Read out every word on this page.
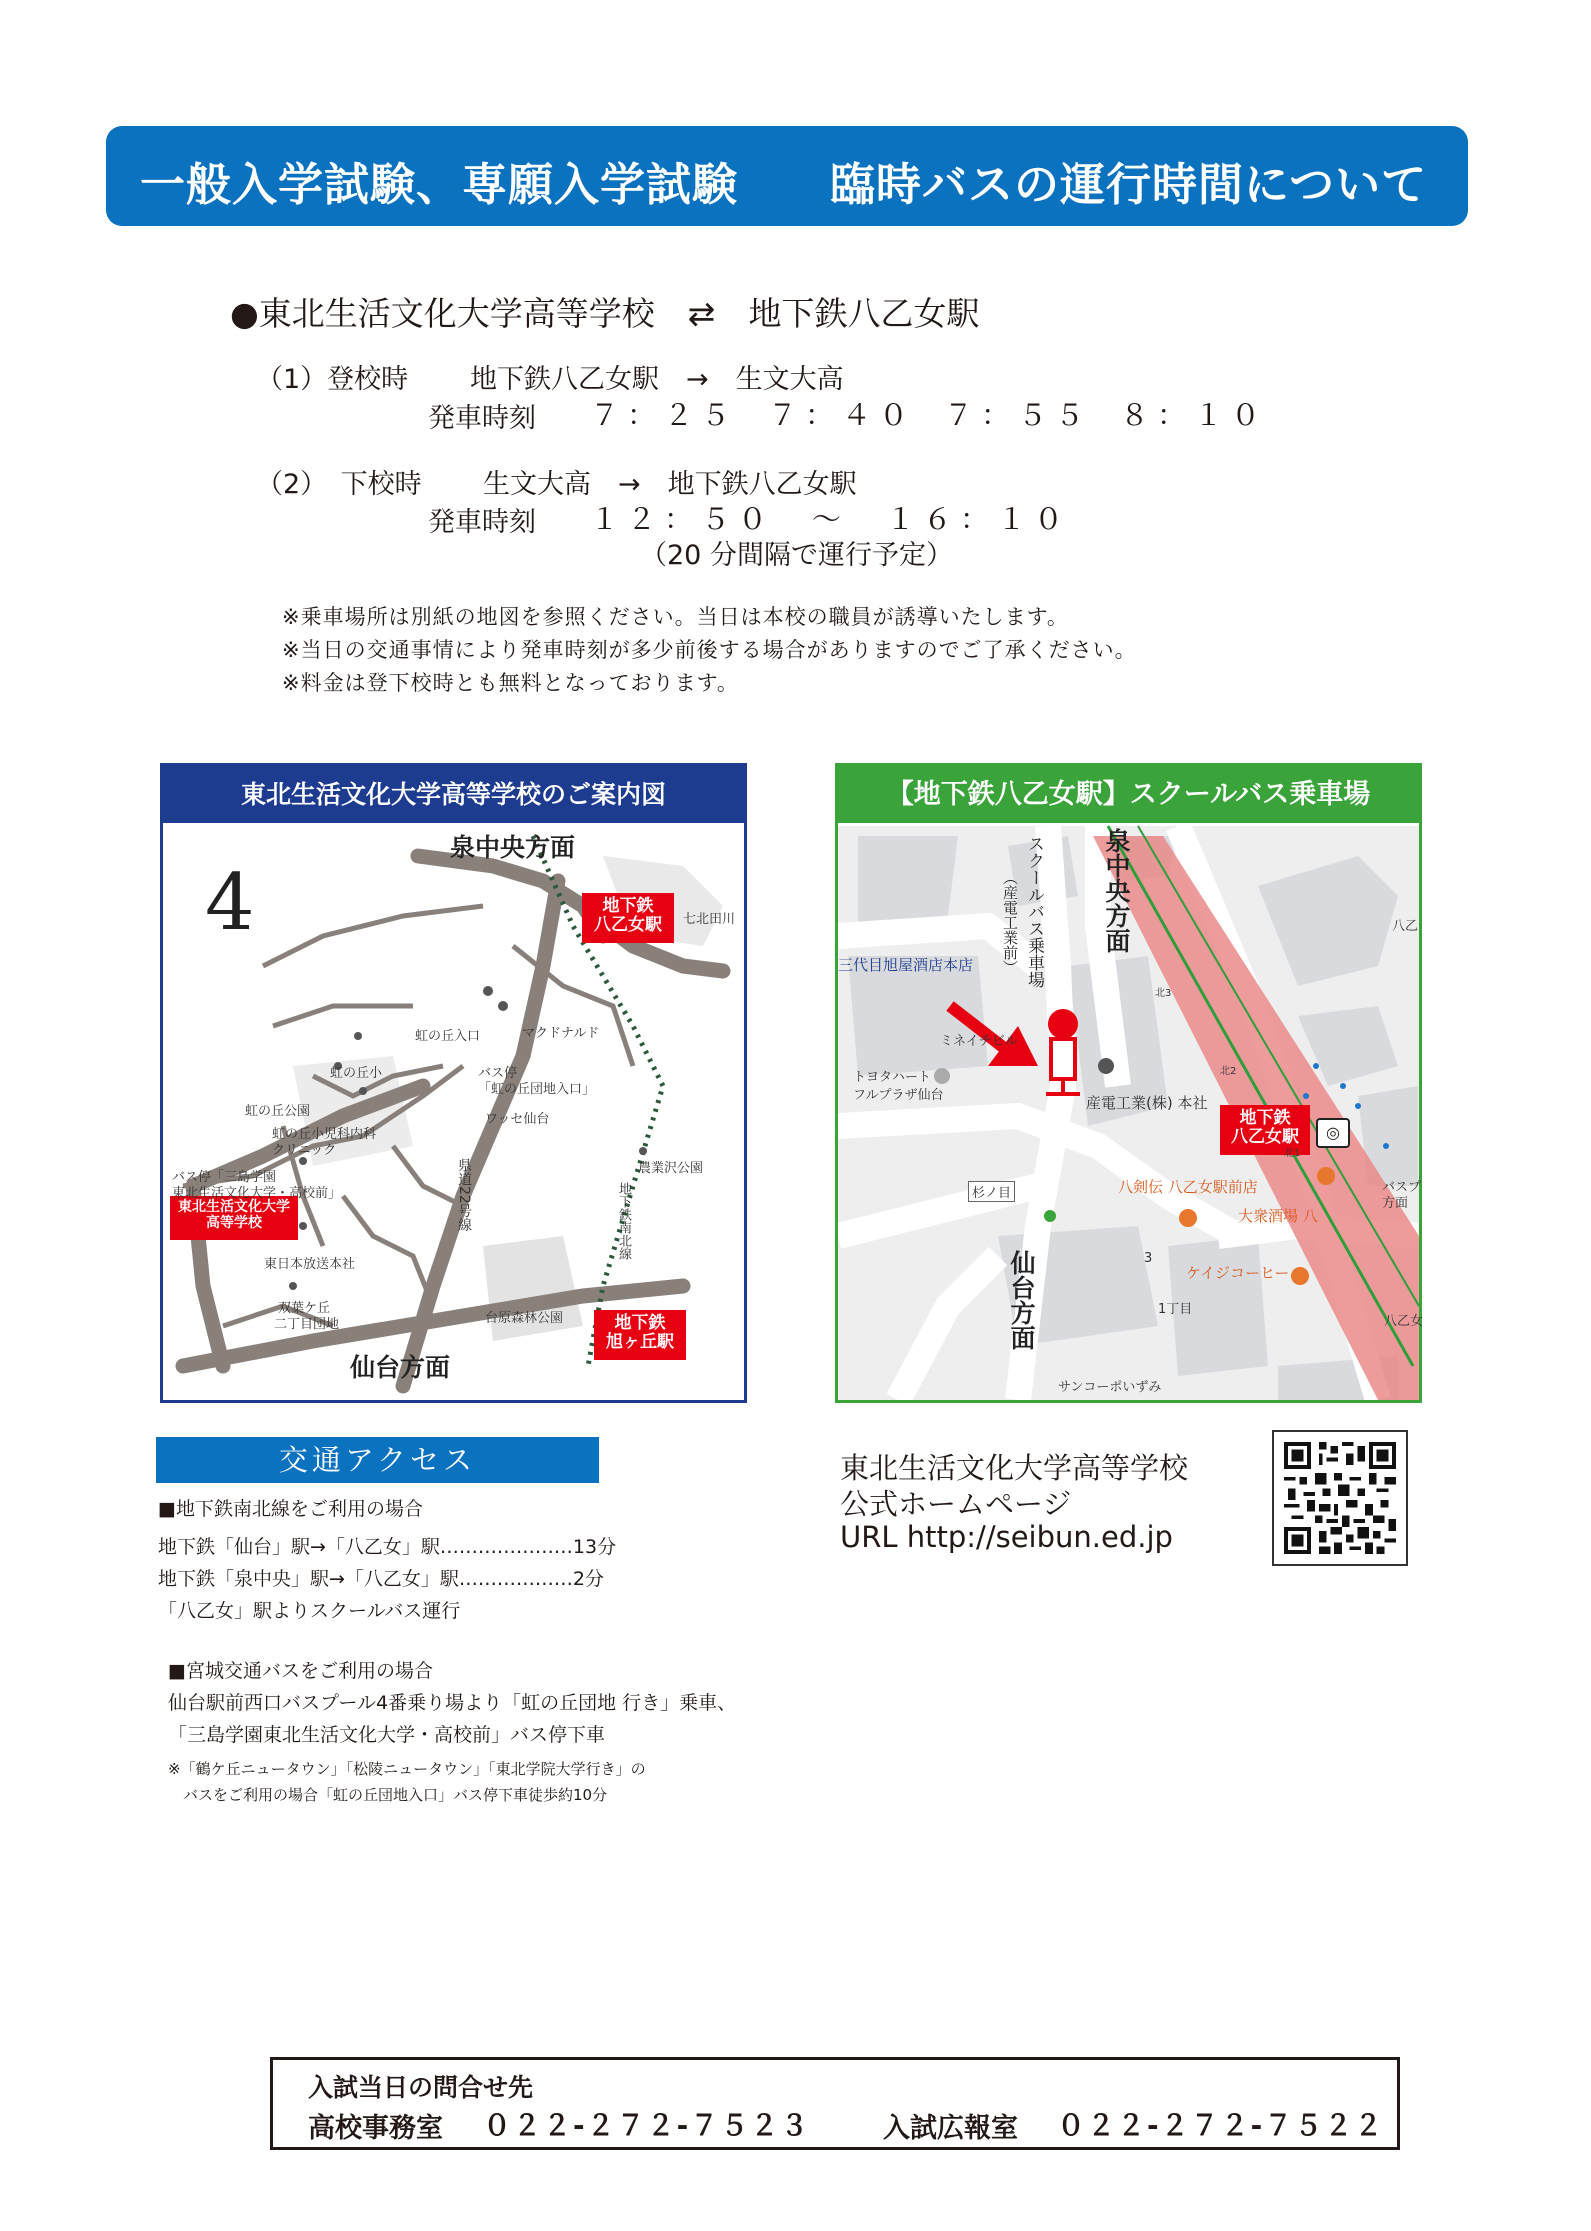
一般入学試験、専願入学試験　　臨時バスの運行時間について
●東北生活文化大学高等学校　⇄　地下鉄八乙女駅
（1）登校時 地下鉄八乙女駅　→　生文大高
発車時刻 ７：２５ ７：４０ ７：５５ ８：１０
（2）　下校時 生文大高　→　地下鉄八乙女駅
発車時刻 １２：５０　～　１６：１０
（20 分間隔で運行予定）
※乗車場所は別紙の地図を参照ください。当日は本校の職員が誘導いたします。
※当日の交通事情により発車時刻が多少前後する場合がありますのでご了承ください。
※料金は登下校時とも無料となっております。
東北生活文化大学高等学校のご案内図
4
泉中央方面
仙台方面
地下鉄
八乙女駅
地下鉄
旭ヶ丘駅
東北生活文化大学
高等学校
七北田川
虹の丘入口	マクドナルド
虹の丘小	バス停
「虹の丘団地入口」
虹の丘公園
ワッセ仙台
虹の丘小児科内科
クリニック
農業沢公園
バス停「三島学園
東北生活文化大学・高校前」	県道22号線	地下鉄南北線
東日本放送本社
双葉ケ丘
二丁目団地	台原森林公園
【地下鉄八乙女駅】スクールバス乗車場
泉中央方面
仙台方面
スクールバス乗車場
（産電工業前）
地下鉄
八乙女駅	◎
三代目旭屋酒店本店
ミネイチビル
トヨタハート
フルプラザ仙台	産電工業(株) 本社
八剣伝 八乙女駅前店
大衆酒場 八
ケイジコーヒー
杉ノ目
1丁目
サンコーポいずみ
3
北3
北2
北1
バスプ
方面
八乙
八乙女
交通アクセス
■地下鉄南北線をご利用の場合
地下鉄「仙台」駅→「八乙女」駅…………………13分
地下鉄「泉中央」駅→「八乙女」駅………………2分
「八乙女」駅よりスクールバス運行
■宮城交通バスをご利用の場合
仙台駅前西口バスプール4番乗り場より「虹の丘団地 行き」乗車、
「三島学園東北生活文化大学・高校前」バス停下車
※「鶴ケ丘ニュータウン」「松陵ニュータウン」「東北学院大学行き」の
　バスをご利用の場合「虹の丘団地入口」バス停下車徒歩約10分
東北生活文化大学高等学校
公式ホームページ
URL http://seibun.ed.jp
入試当日の問合せ先
高校事務室 ０２２-２７２-７５２３	入試広報室 ０２２-２７２-７５２２
